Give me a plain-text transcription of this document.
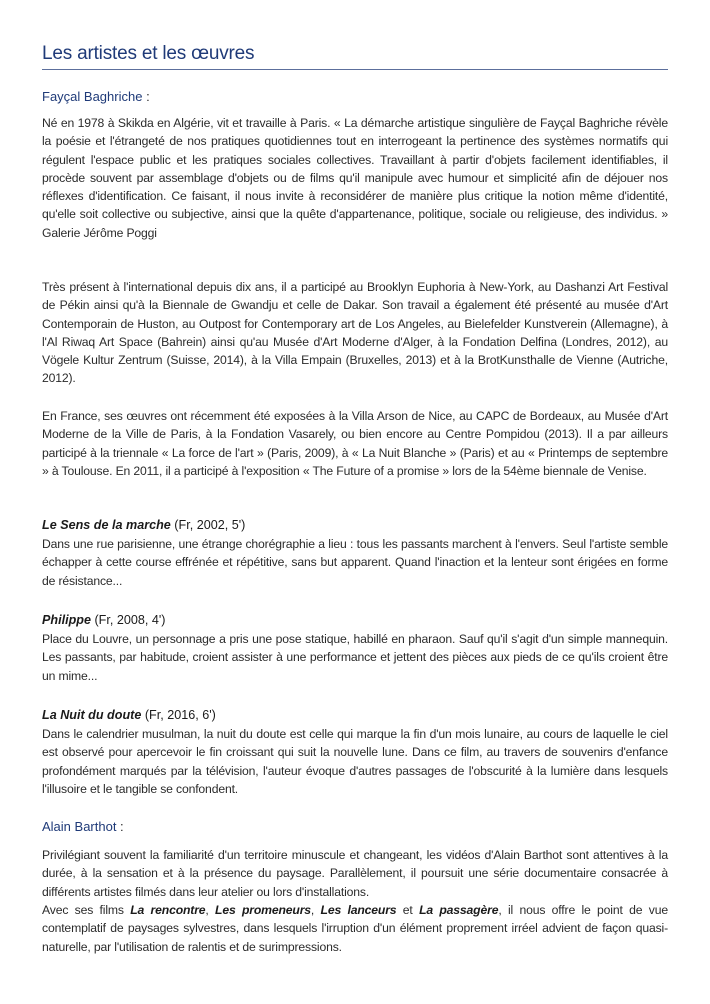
Les artistes et les œuvres
Fayçal Baghriche :
Né en 1978 à Skikda en Algérie, vit et travaille à Paris. « La démarche artistique singulière de Fayçal Baghriche révèle la poésie et l'étrangeté de nos pratiques quotidiennes tout en interrogeant la pertinence des systèmes normatifs qui régulent l'espace public et les pratiques sociales collectives. Travaillant à partir d'objets facilement identifiables, il procède souvent par assemblage d'objets ou de films qu'il manipule avec humour et simplicité afin de déjouer nos réflexes d'identification. Ce faisant, il nous invite à reconsidérer de manière plus critique la notion même d'identité, qu'elle soit collective ou subjective, ainsi que la quête d'appartenance, politique, sociale ou religieuse, des individus. » Galerie Jérôme Poggi
Très présent à l'international depuis dix ans, il a participé au Brooklyn Euphoria à New-York, au Dashanzi Art Festival de Pékin ainsi qu'à la Biennale de Gwandju et celle de Dakar. Son travail a également été présenté au musée d'Art Contemporain de Huston, au Outpost for Contemporary art de Los Angeles, au Bielefelder Kunstverein (Allemagne), à l'Al Riwaq Art Space (Bahrein) ainsi qu'au Musée d'Art Moderne d'Alger, à la Fondation Delfina (Londres, 2012), au Vögele Kultur Zentrum (Suisse, 2014), à la Villa Empain (Bruxelles, 2013) et à la BrotKunsthalle de Vienne (Autriche, 2012).
En France, ses œuvres ont récemment été exposées à la Villa Arson de Nice, au CAPC de Bordeaux, au Musée d'Art Moderne de la Ville de Paris, à la Fondation Vasarely, ou bien encore au Centre Pompidou (2013). Il a par ailleurs participé à la triennale « La force de l'art » (Paris, 2009), à « La Nuit Blanche » (Paris) et au « Printemps de septembre » à Toulouse. En 2011, il a participé à l'exposition « The Future of a promise » lors de la 54ème biennale de Venise.
Le Sens de la marche (Fr, 2002, 5')
Dans une rue parisienne, une étrange chorégraphie a lieu : tous les passants marchent à l'envers. Seul l'artiste semble échapper à cette course effrénée et répétitive, sans but apparent. Quand l'inaction et la lenteur sont érigées en forme de résistance...
Philippe (Fr, 2008, 4')
Place du Louvre, un personnage a pris une pose statique, habillé en pharaon. Sauf qu'il s'agit d'un simple mannequin. Les passants, par habitude, croient assister à une performance et jettent des pièces aux pieds de ce qu'ils croient être un mime...
La Nuit du doute (Fr, 2016, 6')
Dans le calendrier musulman, la nuit du doute est celle qui marque la fin d'un mois lunaire, au cours de laquelle le ciel est observé pour apercevoir le fin croissant qui suit la nouvelle lune. Dans ce film, au travers de souvenirs d'enfance profondément marqués par la télévision, l'auteur évoque d'autres passages de l'obscurité à la lumière dans lesquels l'illusoire et le tangible se confondent.
Alain Barthot :
Privilégiant souvent la familiarité d'un territoire minuscule et changeant, les vidéos d'Alain Barthot sont attentives à la durée, à la sensation et à la présence du paysage. Parallèlement, il poursuit une série documentaire consacrée à différents artistes filmés dans leur atelier ou lors d'installations.
Avec ses films La rencontre, Les promeneurs, Les lanceurs et La passagère, il nous offre le point de vue contemplatif de paysages sylvestres, dans lesquels l'irruption d'un élément proprement irréel advient de façon quasi-naturelle, par l'utilisation de ralentis et de surimpressions.
